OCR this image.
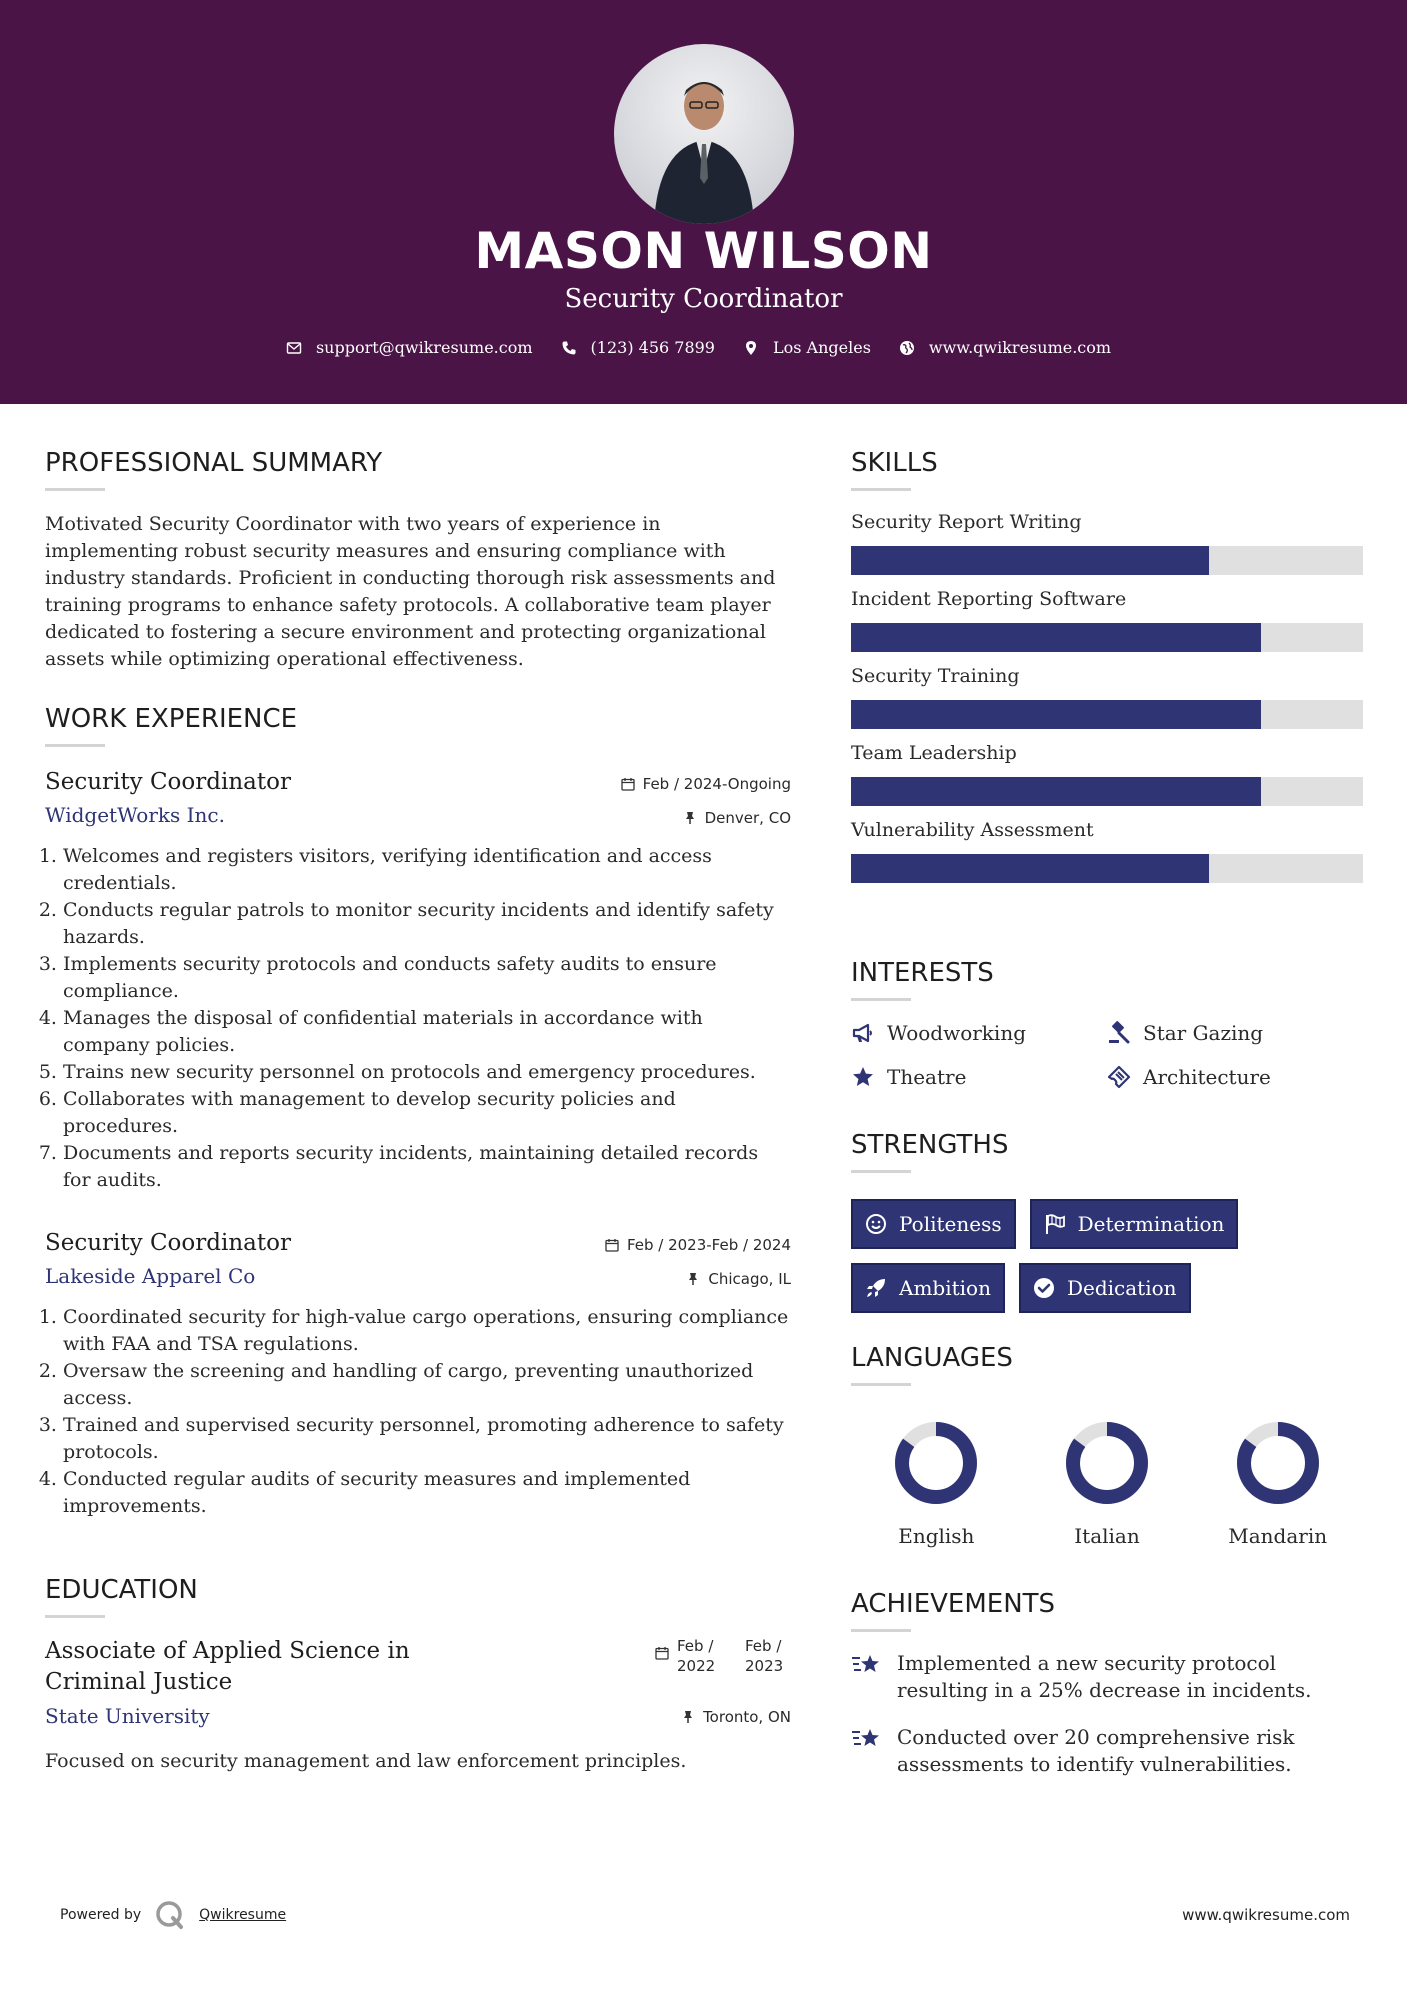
MASON WILSON
Security Coordinator
support@qwikresume.com	(123) 456 7899	Los Angeles	www.qwikresume.com
PROFESSIONAL SUMMARY

Motivated Security Coordinator with two years of experience in implementing robust security measures and ensuring compliance with industry standards. Proficient in conducting thorough risk assessments and training programs to enhance safety protocols. A collaborative team player dedicated to fostering a secure environment and protecting organizational assets while optimizing operational effectiveness.

WORK EXPERIENCE
Security Coordinator	Feb / 2024-Ongoing
WidgetWorks Inc.	Denver, CO
1. Welcomes and registers visitors, verifying identification and access credentials.
2. Conducts regular patrols to monitor security incidents and identify safety hazards.
3. Implements security protocols and conducts safety audits to ensure compliance.
4. Manages the disposal of confidential materials in accordance with company policies.
5. Trains new security personnel on protocols and emergency procedures.
6. Collaborates with management to develop security policies and procedures.
7. Documents and reports security incidents, maintaining detailed records for audits.
Security Coordinator	Feb / 2023-Feb / 2024
Lakeside Apparel Co	Chicago, IL
1. Coordinated security for high-value cargo operations, ensuring compliance with FAA and TSA regulations.
2. Oversaw the screening and handling of cargo, preventing unauthorized access.
3. Trained and supervised security personnel, promoting adherence to safety protocols.
4. Conducted regular audits of security measures and implemented improvements.
EDUCATION
Associate of Applied Science in Criminal Justice
Feb / 2022
Feb / 2023
State University	Toronto, ON

Focused on security management and law enforcement principles.

SKILLS
Security Report Writing
Incident Reporting Software
Security Training
Team Leadership
Vulnerability Assessment
INTERESTS
Woodworking	Star Gazing
Theatre	Architecture
STRENGTHS
Politeness	Determination
Ambition	Dedication
LANGUAGES
English	Italian	Mandarin
ACHIEVEMENTS
Implemented a new security protocol resulting in a 25% decrease in incidents.
Conducted over 20 comprehensive risk assessments to identify vulnerabilities.
Powered by	Qwikresume	www.qwikresume.com
